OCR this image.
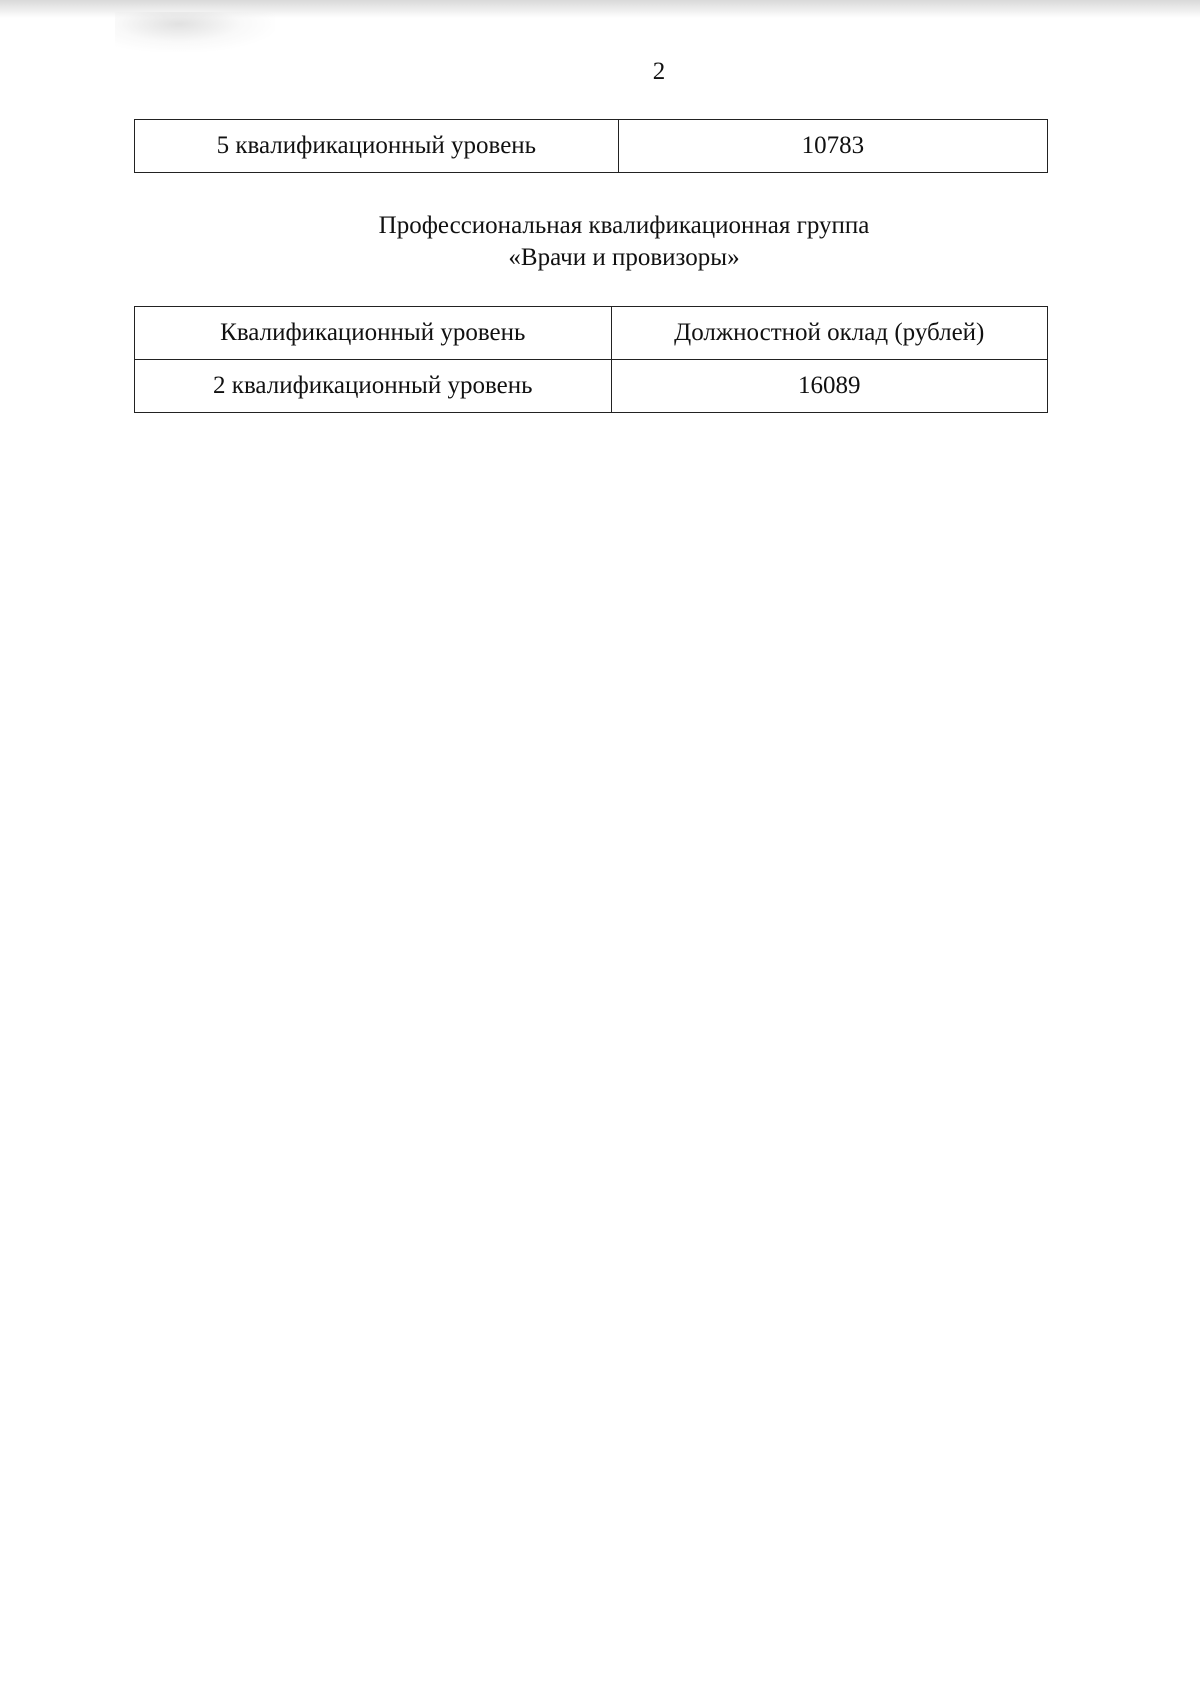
2
5 квалификационный уровень	10783
Профессиональная квалификационная группа
«Врачи и провизоры»
Квалификационный уровень	Должностной оклад (рублей)
2 квалификационный уровень	16089
